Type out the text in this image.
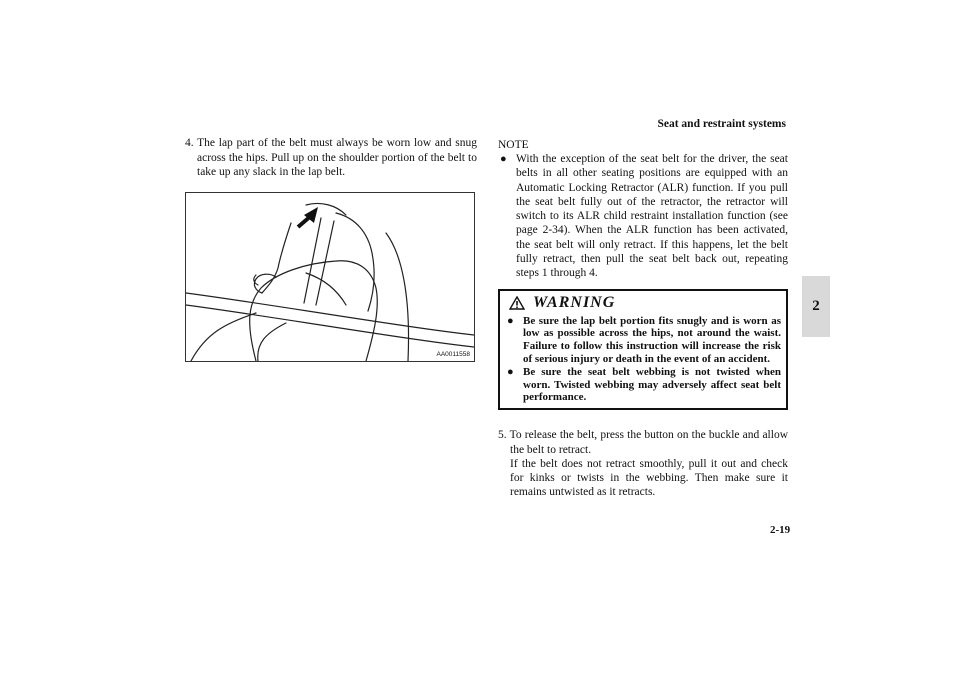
Seat and restraint systems
2
4. The lap part of the belt must always be worn low and snug across the hips. Pull up on the shoulder portion of the belt to take up any slack in the lap belt.
AA0011558
NOTE
● With the exception of the seat belt for the driver, the seat belts in all other seating positions are equipped with an Automatic Locking Retractor (ALR) function. If you pull the seat belt fully out of the retractor, the retractor will switch to its ALR child restraint installation function (see page 2-34). When the ALR function has been activated, the seat belt will only retract. If this happens, let the belt fully retract, then pull the seat belt back out, repeating steps 1 through 4.
WARNING
● Be sure the lap belt portion fits snugly and is worn as low as possible across the hips, not around the waist. Failure to follow this instruction will increase the risk of serious injury or death in the event of an accident.
● Be sure the seat belt webbing is not twisted when worn. Twisted webbing may adversely affect seat belt performance.
5. To release the belt, press the button on the buckle and allow the belt to retract.
If the belt does not retract smoothly, pull it out and check for kinks or twists in the webbing. Then make sure it remains untwisted as it retracts.
2-19
